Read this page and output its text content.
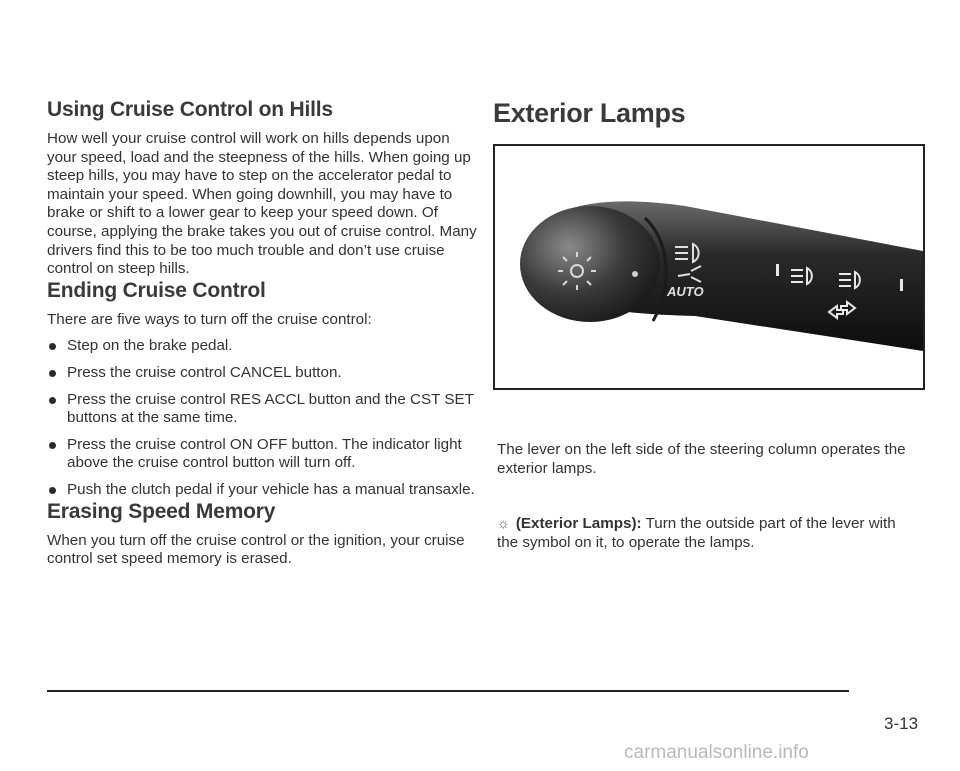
Using Cruise Control on Hills

How well your cruise control will work on hills depends upon your speed, load and the steepness of the hills. When going up steep hills, you may have to step on the accelerator pedal to maintain your speed. When going downhill, you may have to brake or shift to a lower gear to keep your speed down. Of course, applying the brake takes you out of cruise control. Many drivers find this to be too much trouble and don’t use cruise control on steep hills.

Ending Cruise Control

There are five ways to turn off the cruise control:

Step on the brake pedal.
Press the cruise control CANCEL button.
Press the cruise control RES ACCL button and the CST SET buttons at the same time.
Press the cruise control ON OFF button. The indicator light above the cruise control button will turn off.
Push the clutch pedal if your vehicle has a manual transaxle.
Erasing Speed Memory

When you turn off the cruise control or the ignition, your cruise control set speed memory is erased.

Exterior Lamps
AUTO

The lever on the left side of the steering column operates the exterior lamps.

☼ (Exterior Lamps): Turn the outside part of the lever with the symbol on it, to operate the lamps.

3-13
carmanualsonline.info
